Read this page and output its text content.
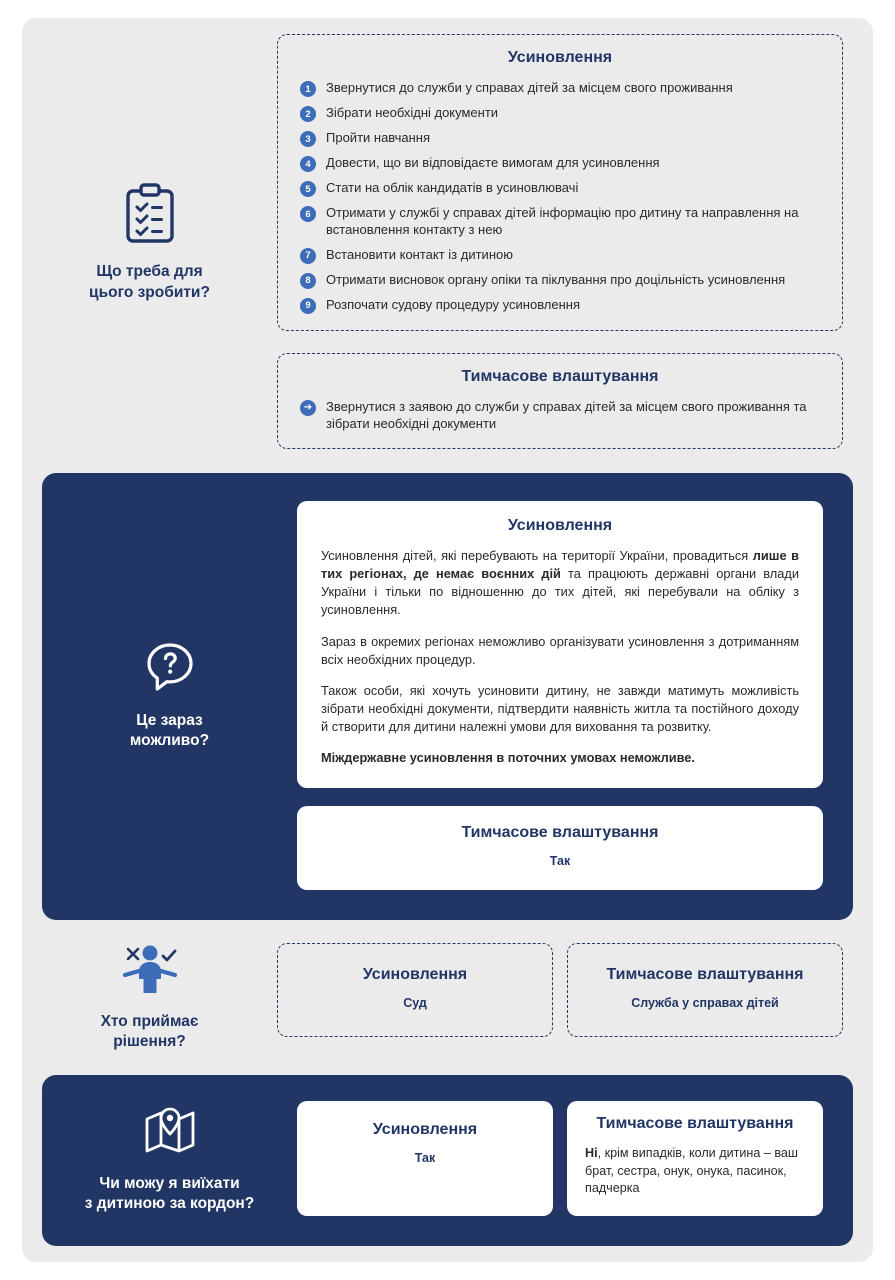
Що треба для
цього зробити?
Усиновлення
1	Звернутися до служби у справах дітей за місцем свого проживання
2	Зібрати необхідні документи
3	Пройти навчання
4	Довести, що ви відповідаєте вимогам для усиновлення
5	Стати на облік кандидатів в усиновлювачі
6	Отримати у службі у справах дітей інформацію про дитину та направлення на встановлення контакту з нею
7	Встановити контакт із дитиною
8	Отримати висновок органу опіки та піклування про доцільність усиновлення
9	Розпочати судову процедуру усиновлення
Тимчасове влаштування
➔ Звернутися з заявою до служби у справах дітей за місцем свого проживання та зібрати необхідні документи
Це зараз
можливо?
Усиновлення

Усиновлення дітей, які перебувають на території України, провадиться лише в тих регіонах, де немає воєнних дій та працюють державні органи влади України і тільки по відношенню до тих дітей, які перебували на обліку з усиновлення.

Зараз в окремих регіонах неможливо організувати усиновлення з дотриманням всіх необхідних процедур.

Також особи, які хочуть усиновити дитину, не завжди матимуть можливість зібрати необхідні документи, підтвердити наявність житла та постійного доходу й створити для дитини належні умови для виховання та розвитку.

Міждержавне усиновлення в поточних умовах неможливе.

Тимчасове влаштування
Так
Хто приймає
рішення?
Усиновлення
Суд
Тимчасове влаштування
Служба у справах дітей
Чи можу я виїхати
з дитиною за кордон?
Усиновлення
Так
Тимчасове влаштування
Ні, крім випадків, коли дитина – ваш брат, сестра, онук, онука, пасинок, падчерка
